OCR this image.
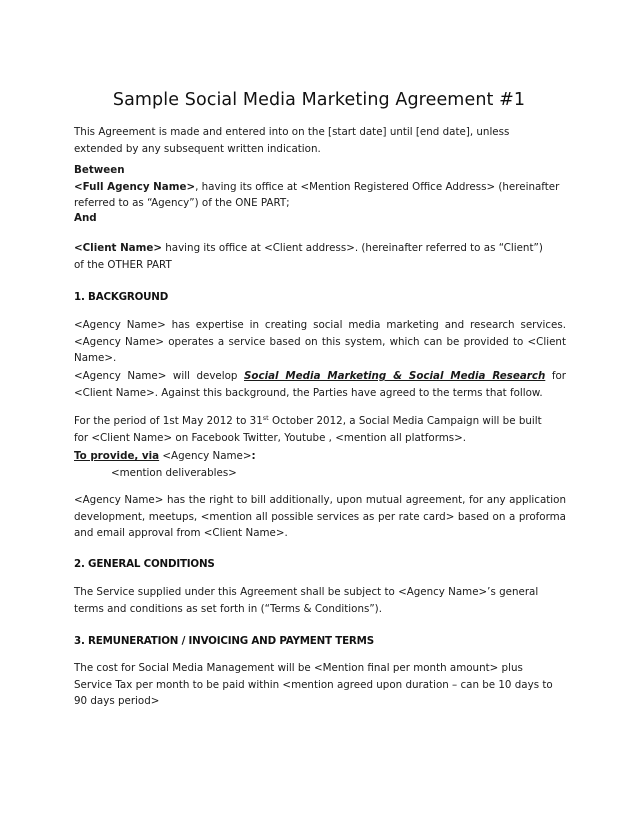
Sample Social Media Marketing Agreement #1
This Agreement is made and entered into on the [start date] until [end date], unless
extended by any subsequent written indication.
Between
<Full Agency Name>, having its office at <Mention Registered Office Address> (hereinafter
referred to as “Agency”) of the ONE PART;
And
<Client Name> having its office at <Client address>. (hereinafter referred to as “Client”)
of the OTHER PART
1. BACKGROUND
<Agency Name> has expertise in creating social media marketing and research services. <Agency Name> operates a service based on this system, which can be provided to <Client Name>.
<Agency Name> will develop Social Media Marketing & Social Media Research for <Client Name>. Against this background, the Parties have agreed to the terms that follow.
For the period of 1st May 2012 to 31st October 2012, a Social Media Campaign will be built
for <Client Name> on Facebook Twitter, Youtube , <mention all platforms>.
To provide, via <Agency Name>:
<mention deliverables>
<Agency Name> has the right to bill additionally, upon mutual agreement, for any application development, meetups, <mention all possible services as per rate card> based on a proforma and email approval from <Client Name>.
2. GENERAL CONDITIONS
The Service supplied under this Agreement shall be subject to <Agency Name>’s general
terms and conditions as set forth in (“Terms & Conditions”).
3. REMUNERATION / INVOICING AND PAYMENT TERMS
The cost for Social Media Management will be <Mention final per month amount> plus
Service Tax per month to be paid within <mention agreed upon duration – can be 10 days to
90 days period>
